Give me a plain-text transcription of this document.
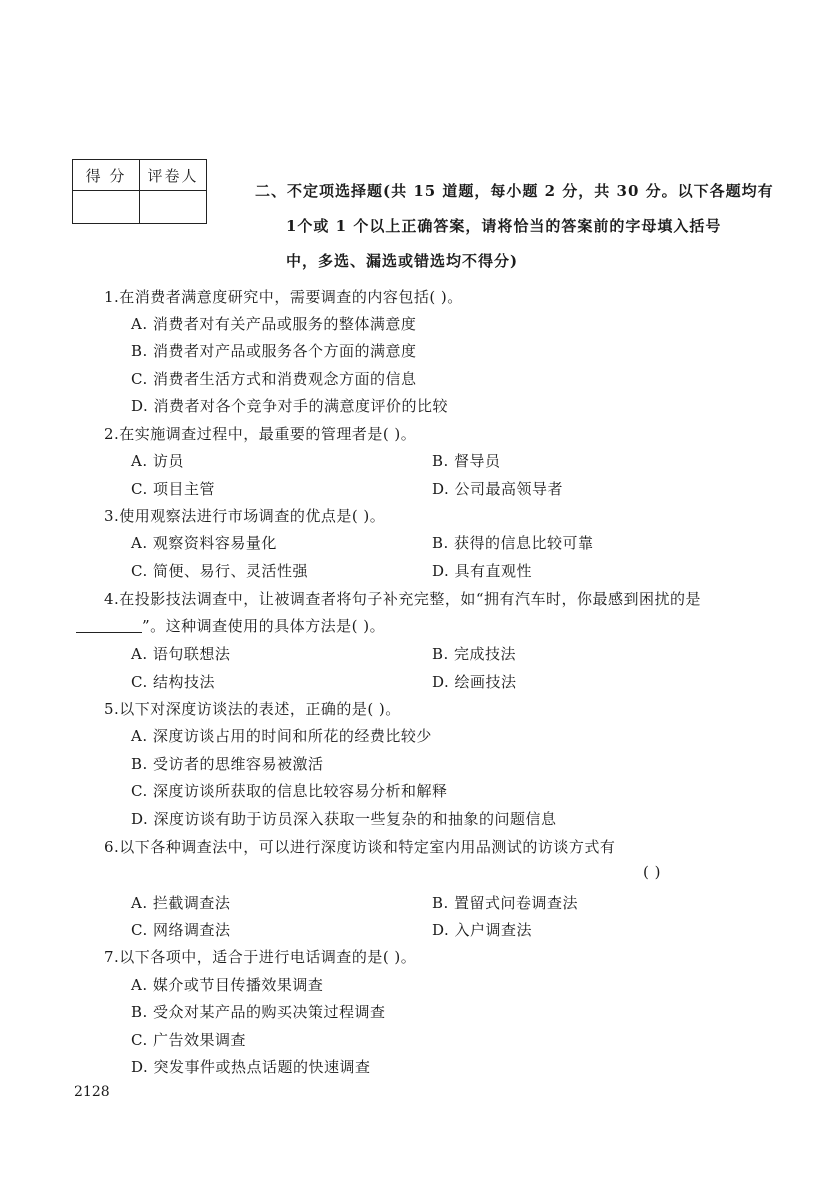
得 分	评卷人

二、不定项选择题(共 15 道题，每小题 2 分，共 30 分。以下各题均有
1个或 1 个以上正确答案，请将恰当的答案前的字母填入括号
中，多选、漏选或错选均不得分)
1.在消费者满意度研究中，需要调查的内容包括( )。
A. 消费者对有关产品或服务的整体满意度
B. 消费者对产品或服务各个方面的满意度
C. 消费者生活方式和消费观念方面的信息
D. 消费者对各个竞争对手的满意度评价的比较
2.在实施调查过程中，最重要的管理者是( )。
A. 访员	B. 督导员
C. 项目主管	D. 公司最高领导者
3.使用观察法进行市场调查的优点是( )。
A. 观察资料容易量化	B. 获得的信息比较可靠
C. 简便、易行、灵活性强	D. 具有直观性
4.在投影技法调查中，让被调查者将句子补充完整，如“拥有汽车时，你最感到困扰的是
”。这种调查使用的具体方法是( )。
A. 语句联想法	B. 完成技法
C. 结构技法	D. 绘画技法
5.以下对深度访谈法的表述，正确的是( )。
A. 深度访谈占用的时间和所花的经费比较少
B. 受访者的思维容易被激活
C. 深度访谈所获取的信息比较容易分析和解释
D. 深度访谈有助于访员深入获取一些复杂的和抽象的问题信息
6.以下各种调查法中，可以进行深度访谈和特定室内用品测试的访谈方式有
( )
A. 拦截调查法	B. 置留式问卷调查法
C. 网络调查法	D. 入户调查法
7.以下各项中，适合于进行电话调查的是( )。
A. 媒介或节目传播效果调查
B. 受众对某产品的购买决策过程调查
C. 广告效果调查
D. 突发事件或热点话题的快速调查
2128
